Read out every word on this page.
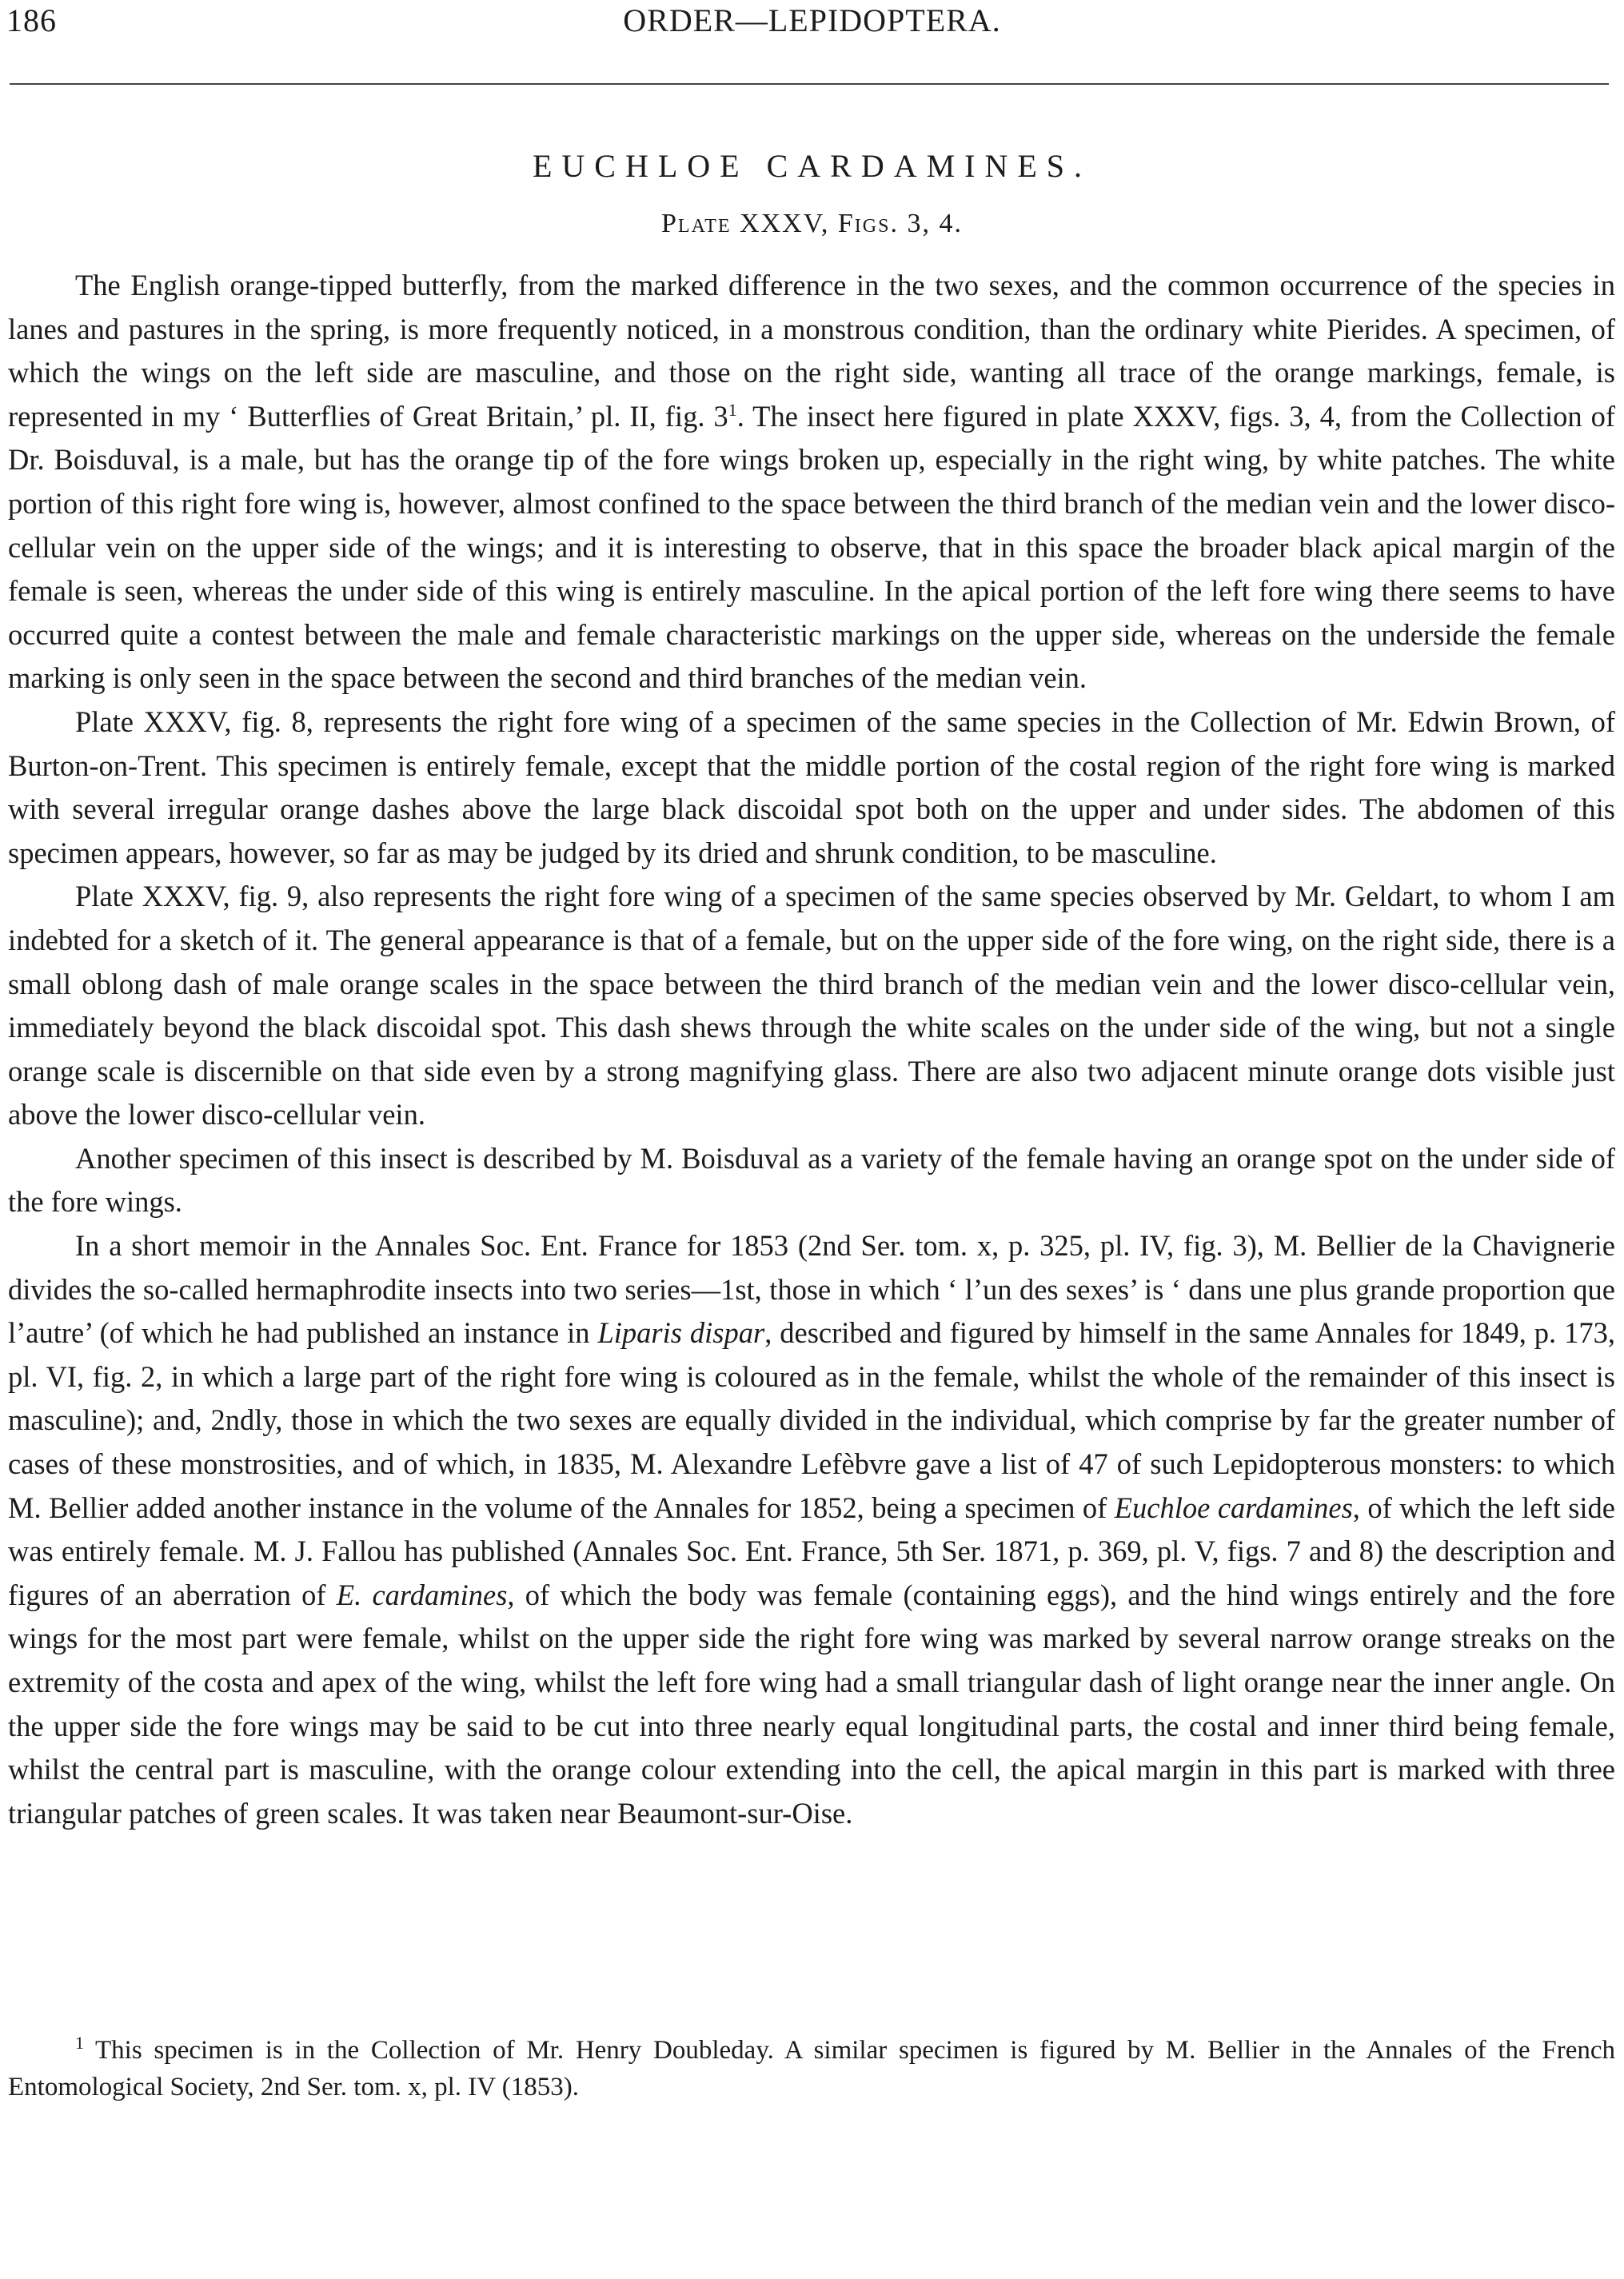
186	ORDER—LEPIDOPTERA.
EUCHLOE CARDAMINES.
Plate XXXV, Figs. 3, 4.

The English orange-tipped butterfly, from the marked difference in the two sexes, and the common occurrence of the species in lanes and pastures in the spring, is more frequently noticed, in a monstrous condition, than the ordinary white Pierides. A specimen, of which the wings on the left side are masculine, and those on the right side, wanting all trace of the orange markings, female, is represented in my ‘ Butterflies of Great Britain,’ pl. II, fig. $3^1$. The insect here figured in plate XXXV, figs. 3, 4, from the Collection of Dr. Boisduval, is a male, but has the orange tip of the fore wings broken up, especially in the right wing, by white patches. The white portion of this right fore wing is, however, almost confined to the space between the third branch of the median vein and the lower disco-cellular vein on the upper side of the wings; and it is interesting to observe, that in this space the broader black apical margin of the female is seen, whereas the under side of this wing is entirely masculine. In the apical portion of the left fore wing there seems to have occurred quite a contest between the male and female characteristic markings on the upper side, whereas on the underside the female marking is only seen in the space between the second and third branches of the median vein.

Plate XXXV, fig. 8, represents the right fore wing of a specimen of the same species in the Collection of Mr. Edwin Brown, of Burton-on-Trent. This specimen is entirely female, except that the middle portion of the costal region of the right fore wing is marked with several irregular orange dashes above the large black discoidal spot both on the upper and under sides. The abdomen of this specimen appears, however, so far as may be judged by its dried and shrunk condition, to be masculine.

Plate XXXV, fig. 9, also represents the right fore wing of a specimen of the same species observed by Mr. Geldart, to whom I am indebted for a sketch of it. The general appearance is that of a female, but on the upper side of the fore wing, on the right side, there is a small oblong dash of male orange scales in the space between the third branch of the median vein and the lower disco-cellular vein, immediately beyond the black discoidal spot. This dash shews through the white scales on the under side of the wing, but not a single orange scale is discernible on that side even by a strong magnifying glass. There are also two adjacent minute orange dots visible just above the lower disco-cellular vein.

Another specimen of this insect is described by M. Boisduval as a variety of the female having an orange spot on the under side of the fore wings.

In a short memoir in the Annales Soc. Ent. France for 1853 (2nd Ser. tom. x, p. 325, pl. IV, fig. 3), M. Bellier de la Chavignerie divides the so-called hermaphrodite insects into two series—1st, those in which ‘ l’un des sexes’ is ‘ dans une plus grande proportion que l’autre’ (of which he had published an instance in Liparis dispar, described and figured by himself in the same Annales for 1849, p. 173, pl. VI, fig. 2, in which a large part of the right fore wing is coloured as in the female, whilst the whole of the remainder of this insect is masculine); and, 2ndly, those in which the two sexes are equally divided in the individual, which comprise by far the greater number of cases of these monstrosities, and of which, in 1835, M. Alexandre Lefèbvre gave a list of 47 of such Lepidopterous monsters: to which M. Bellier added another instance in the volume of the Annales for 1852, being a specimen of Euchloe cardamines, of which the left side was entirely female. M. J. Fallou has published (Annales Soc. Ent. France, 5th Ser. 1871, p. 369, pl. V, figs. 7 and 8) the description and figures of an aberration of E. cardamines, of which the body was female (containing eggs), and the hind wings entirely and the fore wings for the most part were female, whilst on the upper side the right fore wing was marked by several narrow orange streaks on the extremity of the costa and apex of the wing, whilst the left fore wing had a small triangular dash of light orange near the inner angle. On the upper side the fore wings may be said to be cut into three nearly equal longitudinal parts, the costal and inner third being female, whilst the central part is masculine, with the orange colour extending into the cell, the apical margin in this part is marked with three triangular patches of green scales. It was taken near Beaumont-sur-Oise.

$^1$ This specimen is in the Collection of Mr. Henry Doubleday. A similar specimen is figured by M. Bellier in the Annales of the French Entomological Society, 2nd Ser. tom. x, pl. IV (1853).
